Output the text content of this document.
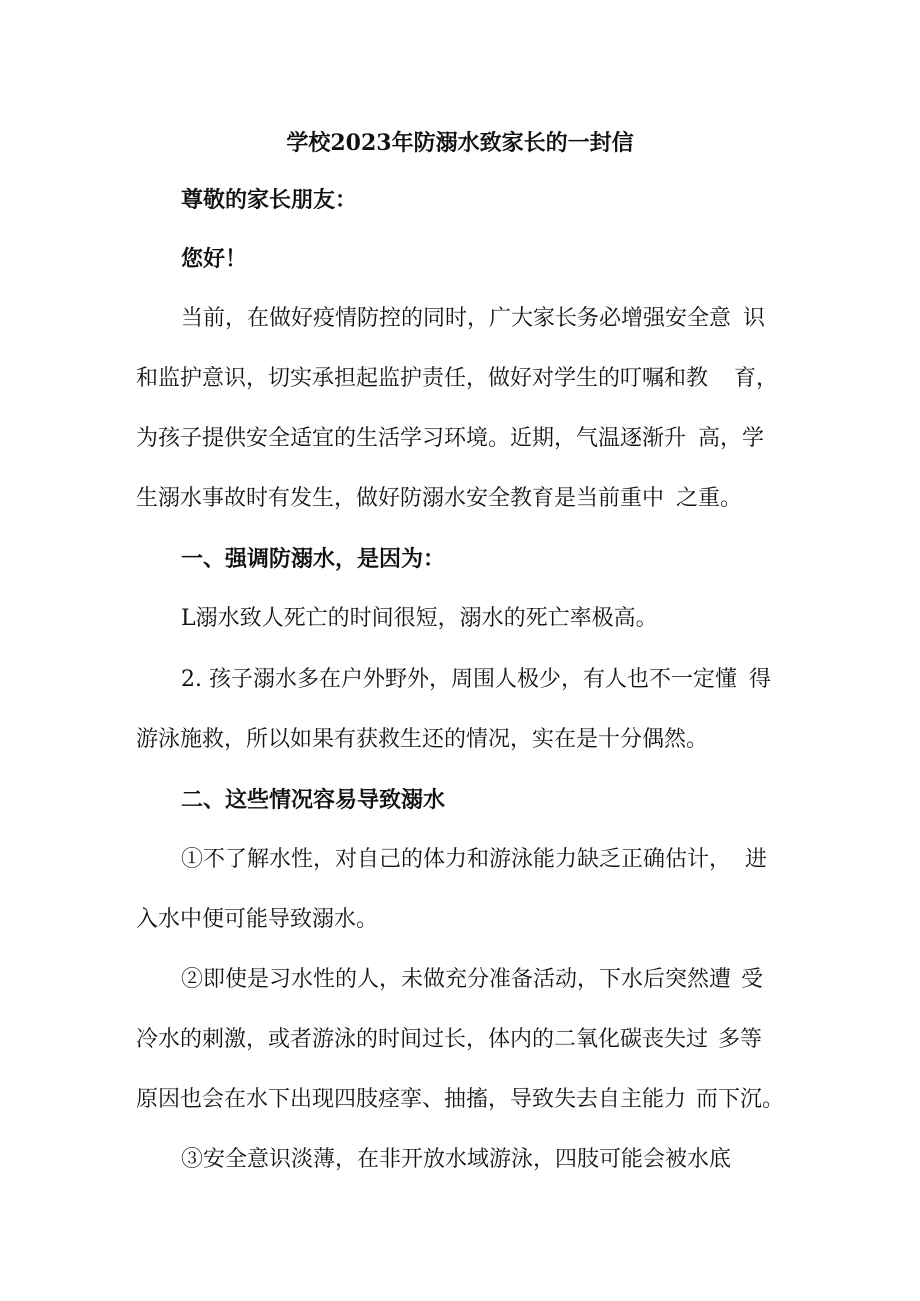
学校2023年防溺水致家长的一封信
尊敬的家长朋友：
您好！
当前，在做好疫情防控的同时，广大家长务必增强安全意 识
和监护意识，切实承担起监护责任，做好对学生的叮嘱和教 育，
为孩子提供安全适宜的生活学习环境。近期，气温逐渐升 高，学
生溺水事故时有发生，做好防溺水安全教育是当前重中 之重。
一、强调防溺水，是因为：
L溺水致人死亡的时间很短，溺水的死亡率极高。
2. 孩子溺水多在户外野外，周围人极少，有人也不一定懂 得
游泳施救，所以如果有获救生还的情况，实在是十分偶然。
二、这些情况容易导致溺水
①不了解水性，对自己的体力和游泳能力缺乏正确估计， 进
入水中便可能导致溺水。
②即使是习水性的人，未做充分准备活动，下水后突然遭 受
冷水的刺激，或者游泳的时间过长，体内的二氧化碳丧失过 多等
原因也会在水下出现四肢痉挛、抽搐，导致失去自主能力 而下沉。
③安全意识淡薄，在非开放水域游泳，四肢可能会被水底
